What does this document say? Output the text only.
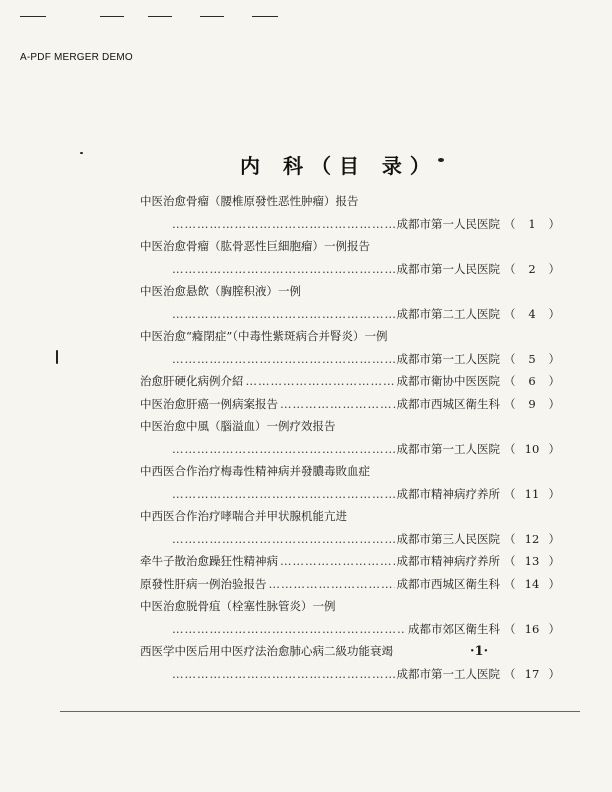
A-PDF MERGER DEMO
内 科（目 录）
中医治愈骨瘤（腰椎原發性恶性肿瘤）报告
………………………………………………………………………………………………
成都市第一人民医院 （	1	）
中医治愈骨瘤（肱骨恶性巨細胞瘤）一例报告
………………………………………………………………………………………………
成都市第一人民医院 （	2	）
中医治愈悬飲（胸膣积液）一例
………………………………………………………………………………………………
成都市第二工人医院 （	4	）
中医治愈“癃閉症”（中毒性紫斑病合并腎炎）一例
………………………………………………………………………………………………
成都市第一工人医院 （	5	）
治愈肝硬化病例介紹 ………………………………………………………………………………………………	成都市衛协中医医院 （	6	）
中医治愈肝癌一例病案报告 ………………………………………………………………………………………………	成都市西城区衛生科 （	9	）
中医治愈中風（腦溢血）一例疗效报告
………………………………………………………………………………………………
成都市第一工人医院 （ 10 ）
中西医合作治疗梅毒性精神病并發膿毒敗血症
………………………………………………………………………………………………
成都市精神病疗养所 （ 11 ）
中西医合作治疗哮喘合并甲状腺机能亢进
………………………………………………………………………………………………
成都市第三人民医院 （ 12 ）
牵牛子散治愈躁狂性精神病 ………………………………………………………………………………………………	成都市精神病疗养所 （ 13 ）
原發性肝病一例治验报告 ………………………………………………………………………………………………	成都市西城区衛生科 （ 14 ）
中医治愈脱骨疽（栓塞性脉管炎）一例
………………………………………………………………………………………………
成都市郊区衛生科 （ 16 ）
西医学中医后用中医疗法治愈肺心病二級功能衰竭
………………………………………………………………………………………………
成都市第一工人医院 （ 17 ）
·1·
